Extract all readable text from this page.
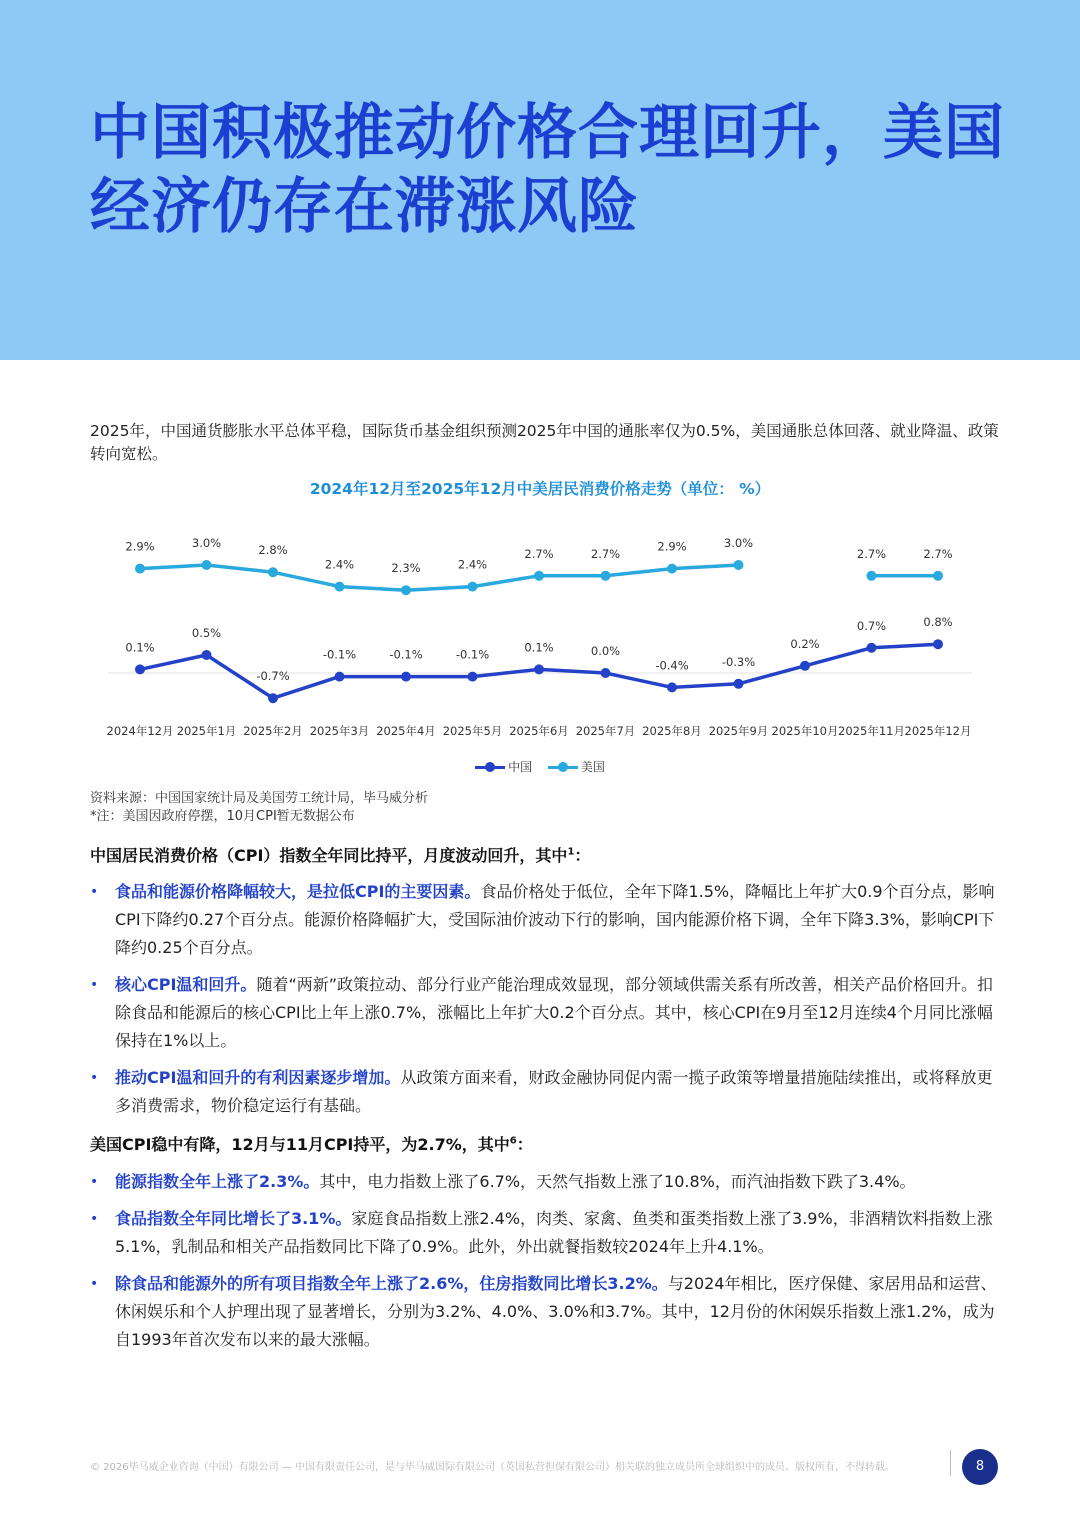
中国积极推动价格合理回升，美国
经济仍存在滞涨风险

2025年，中国通货膨胀水平总体平稳，国际货币基金组织预测2025年中国的通胀率仅为0.5%，美国通胀总体回落、就业降温、政策转向宽松。

2024年12月至2025年12月中美居民消费价格走势（单位： %）
0.1%
0.5%
-0.7%
-0.1%	-0.1%	-0.1%
0.1%	0.0%
-0.4%	-0.3%
0.2%
0.7%	0.8%
2.9%	3.0%
2.8%
2.4%	2.3%	2.4%
2.7%	2.7%
2.9%	3.0%
2.7%	2.7%
2024年12月 2025年1月 2025年2月 2025年3月 2025年4月 2025年5月 2025年6月 2025年7月 2025年8月 2025年9月 2025年10月 2025年11月 2025年12月
中国
	美国

资料来源：中国国家统计局及美国劳工统计局，毕马威分析

*注：美国因政府停摆，10月CPI暂无数据公布

中国居民消费价格（CPI）指数全年同比持平，月度波动回升，其中$^1$：

• 食品和能源价格降幅较大，是拉低CPI的主要因素。食品价格处于低位，全年下降1.5%，降幅比上年扩大0.9个百分点，影响CPI下降约0.27个百分点。能源价格降幅扩大，受国际油价波动下行的影响，国内能源价格下调，全年下降3.3%，影响CPI下降约0.25个百分点。
• 核心CPI温和回升。随着“两新”政策拉动、部分行业产能治理成效显现，部分领域供需关系有所改善，相关产品价格回升。扣除食品和能源后的核心CPI比上年上涨0.7%，涨幅比上年扩大0.2个百分点。其中，核心CPI在9月至12月连续4个月同比涨幅保持在1%以上。
• 推动CPI温和回升的有利因素逐步增加。从政策方面来看，财政金融协同促内需一揽子政策等增量措施陆续推出，或将释放更多消费需求，物价稳定运行有基础。

美国CPI稳中有降，12月与11月CPI持平，为2.7%，其中$^6$：

• 能源指数全年上涨了2.3%。其中，电力指数上涨了6.7%，天然气指数上涨了10.8%，而汽油指数下跌了3.4%。
• 食品指数全年同比增长了3.1%。家庭食品指数上涨2.4%，肉类、家禽、鱼类和蛋类指数上涨了3.9%，非酒精饮料指数上涨5.1%，乳制品和相关产品指数同比下降了0.9%。此外，外出就餐指数较2024年上升4.1%。
• 除食品和能源外的所有项目指数全年上涨了2.6%，住房指数同比增长3.2%。与2024年相比，医疗保健、家居用品和运营、休闲娱乐和个人护理出现了显著增长，分别为3.2%、4.0%、3.0%和3.7%。其中，12月份的休闲娱乐指数上涨1.2%，成为自1993年首次发布以来的最大涨幅。
© 2026毕马威企业咨询（中国）有限公司 — 中国有限责任公司，是与毕马威国际有限公司（英国私营担保有限公司）相关联的独立成员所全球组织中的成员。版权所有，不得转载。	8
